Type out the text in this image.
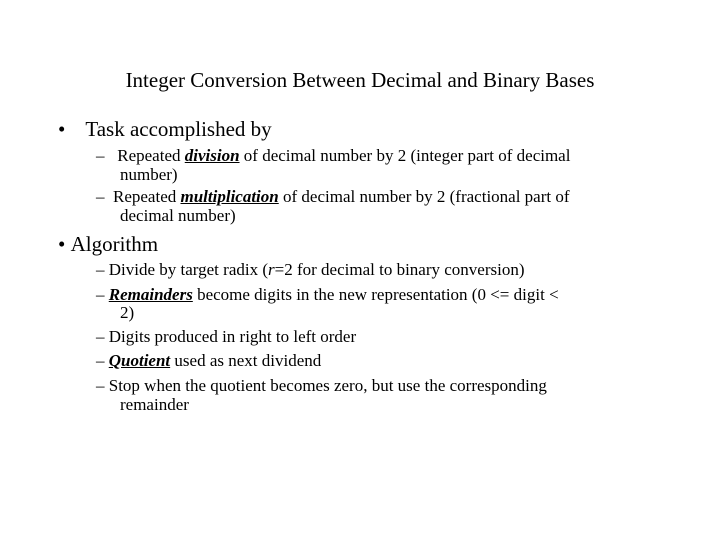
Integer Conversion Between Decimal and Binary Bases
• Task accomplished by
– Repeated division of decimal number by 2 (integer part of decimal
number)
– Repeated multiplication of decimal number by 2 (fractional part of
decimal number)
• Algorithm
– Divide by target radix (r=2 for decimal to binary conversion)
– Remainders become digits in the new representation (0 <= digit <
2)
– Digits produced in right to left order
– Quotient used as next dividend
– Stop when the quotient becomes zero, but use the corresponding
remainder
